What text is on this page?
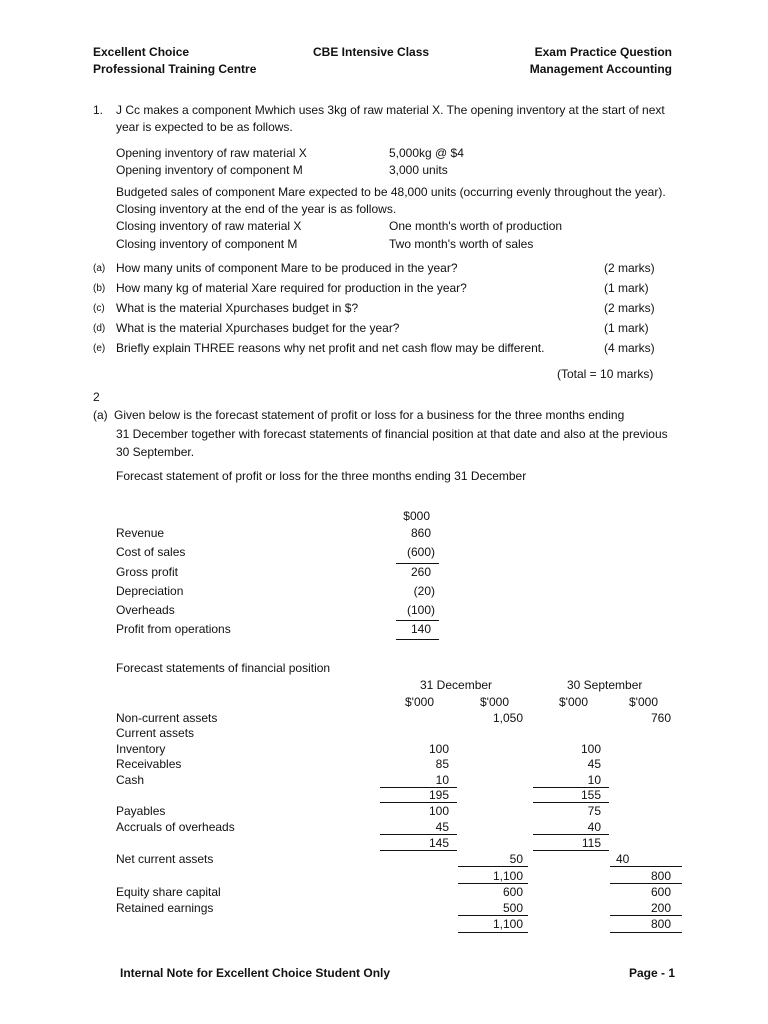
Excellent Choice
Professional Training Centre
CBE Intensive Class	Exam Practice Question
Management Accounting
1. J Cc makes a component Mwhich uses 3kg of raw material X. The opening inventory at the start of next
year is expected to be as follows.
Opening inventory of raw material X	5,000kg @ $4
Opening inventory of component M	3,000 units
Budgeted sales of component Mare expected to be 48,000 units (occurring evenly throughout the year).
Closing inventory at the end of the year is as follows.
Closing inventory of raw material X	One month's worth of production
Closing inventory of component M	Two month's worth of sales
(a) How many units of component Mare to be produced in the year?	(2 marks)
(b) How many kg of material Xare required for production in the year?	(1 mark)
(c) What is the material Xpurchases budget in $?	(2 marks)
(d) What is the material Xpurchases budget for the year?	(1 mark)
(e) Briefly explain THREE reasons why net profit and net cash flow may be different.	(4 marks)
(Total = 10 marks)
2
(a) Given below is the forecast statement of profit or loss for a business for the three months ending
31 December together with forecast statements of financial position at that date and also at the previous
30 September.
Forecast statement of profit or loss for the three months ending 31 December
$000
Revenue	860
Cost of sales	(600)
Gross profit	260
Depreciation	(20)
Overheads	(100)
Profit from operations	140
Forecast statements of financial position
31 December	30 September
$'000	$'000	$'000	$'000
Non-current assets	1,050	760
Current assets
Inventory	100	100
Receivables	85	45
Cash	10	10
195	155
Payables	100	75
Accruals of overheads	45	40
145	115
Net current assets	50	40
1,100	800
Equity share capital	600	600
Retained earnings	500	200
1,100	800
Internal Note for Excellent Choice Student Only	Page - 1
